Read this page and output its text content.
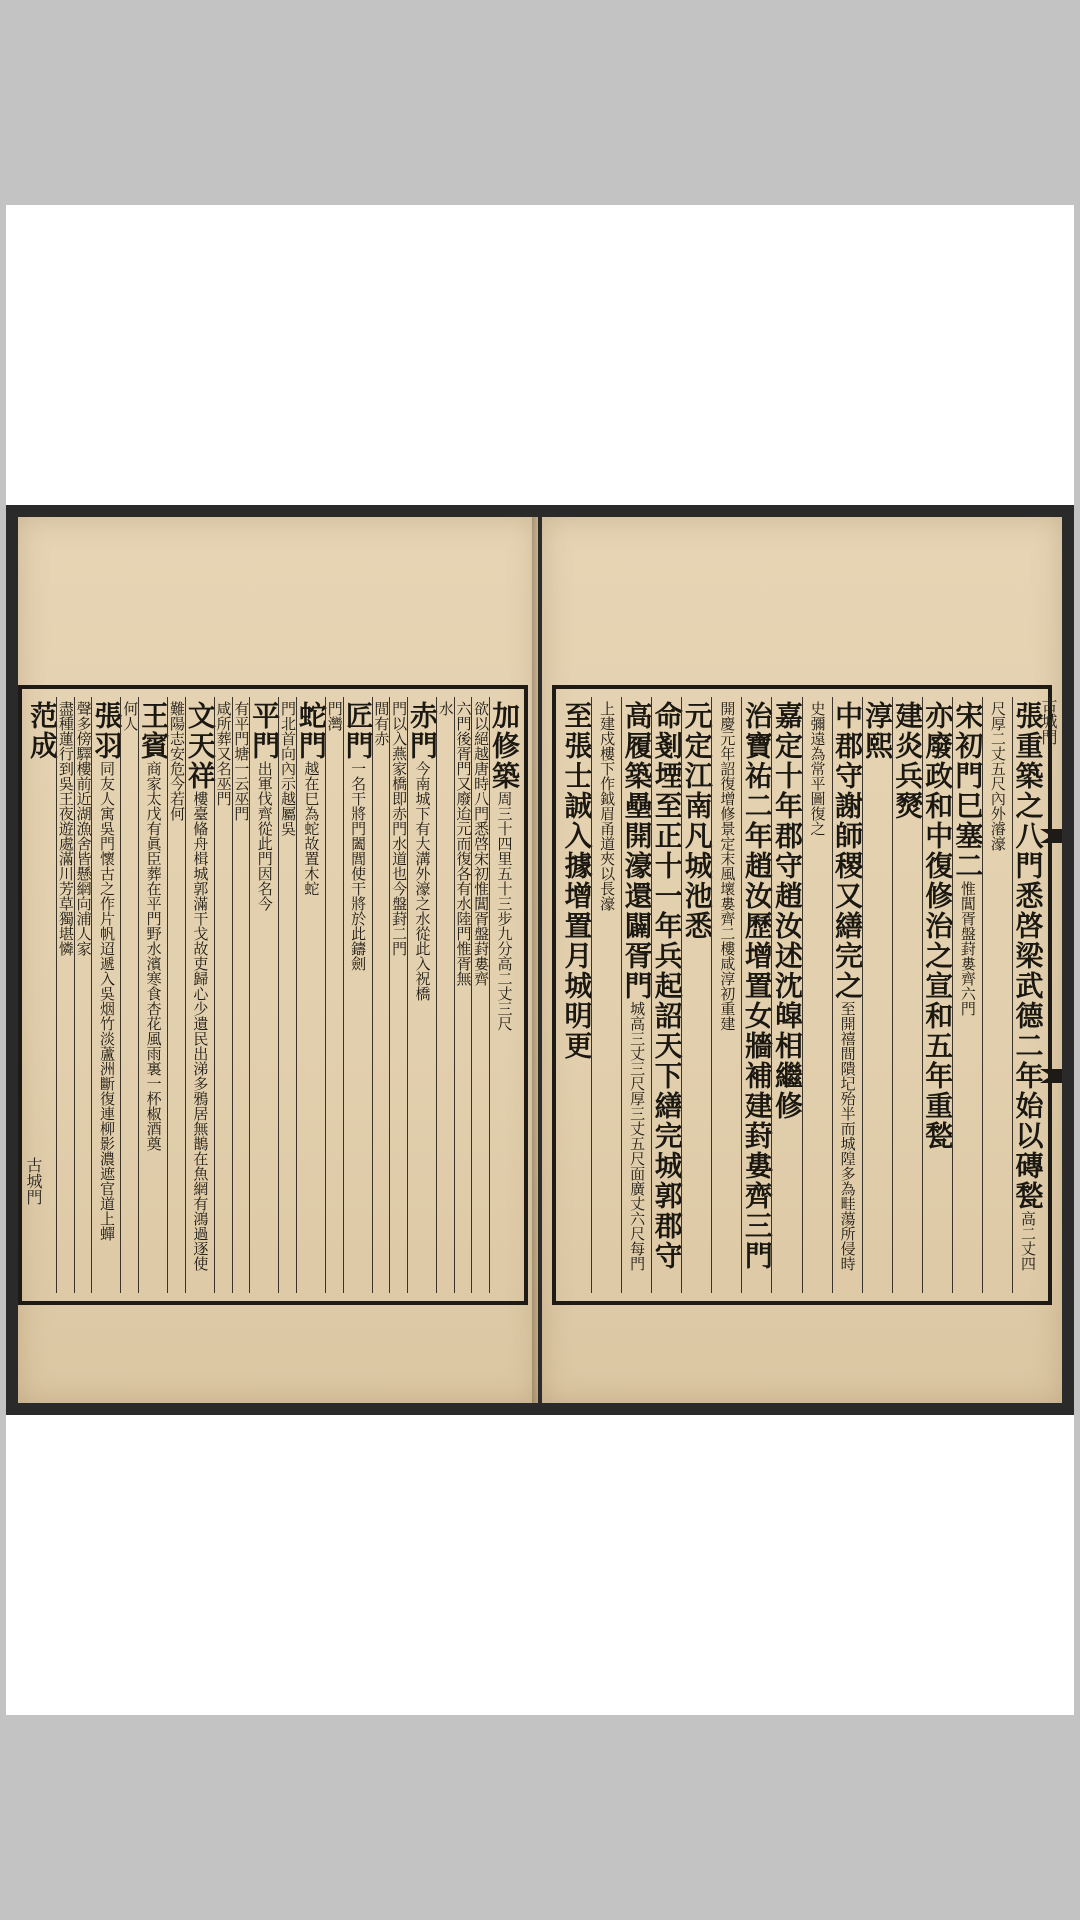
加修築
周三十四里五十三步九分高二丈三尺
欲以絕越唐時八門悉啓宋初惟閶胥盤葑婁齊
六門後胥門又廢迨元而復各有水陸門惟胥無
水
赤門
今南城下有大溝外濠之水從此入祝橋
門以入燕家橋即赤門水道也今盤葑二門
間有赤
匠門
一名干將門闔閭使干將於此鑄劍
門灣
蛇門
越在巳為蛇故置木蛇
門北首向內示越屬吳
平門
出軍伐齊從此門因名今
有平門塘一云巫門
咸所葬又名巫門
文天祥
樓臺偹舟楫城郭滿干戈故吏歸心少遺民出涕多鴉居無鵲在魚網有鴻過逐使
難陽志安危今若何
王賓
商家太戊有眞臣葬在平門野水濱寒食杏花風雨裏一杯椒酒奠
何人
張羽
同友人寓吳門懷古之作片帆迢遞入吳烟竹淡蘆洲斷復連柳影濃遮官道上蟬
聲多傍驛樓前近湖漁舍皆懸網向浦人家
盡種蓮行到吳王夜遊處滿川芳草獨堪憐
范成
古城門	張重築之八門悉啓梁武德二年始以磚甃
高二丈四
尺厚二丈五尺內外濬濠
宋初門巳塞二
惟閶胥盤葑婁齊六門
亦廢政和中復修治之宣和五年重甃
建炎兵燹
淳熙
中郡守謝師稷又繕完之
至開禧間隤圮殆半而城隍多為畦蕩所侵時
史彌遠為常平圖復之
嘉定十年郡守趙汝述沈皡相繼修
治寶祐二年趙汝歷增置女牆補建葑婁齊三門
開慶元年詔復增修景定末風壞婁齊二樓咸淳初重建
元定江南凡城池悉
命剗堙至正十一年兵起詔天下繕完城郭郡守
高履築壘開濠還闢胥門
城高三丈三尺厚三丈五尺面廣丈六尺每門
上建戍樓下作鉞眉甬道夾以長濠
至張士誠入據增置月城明更	古城門
